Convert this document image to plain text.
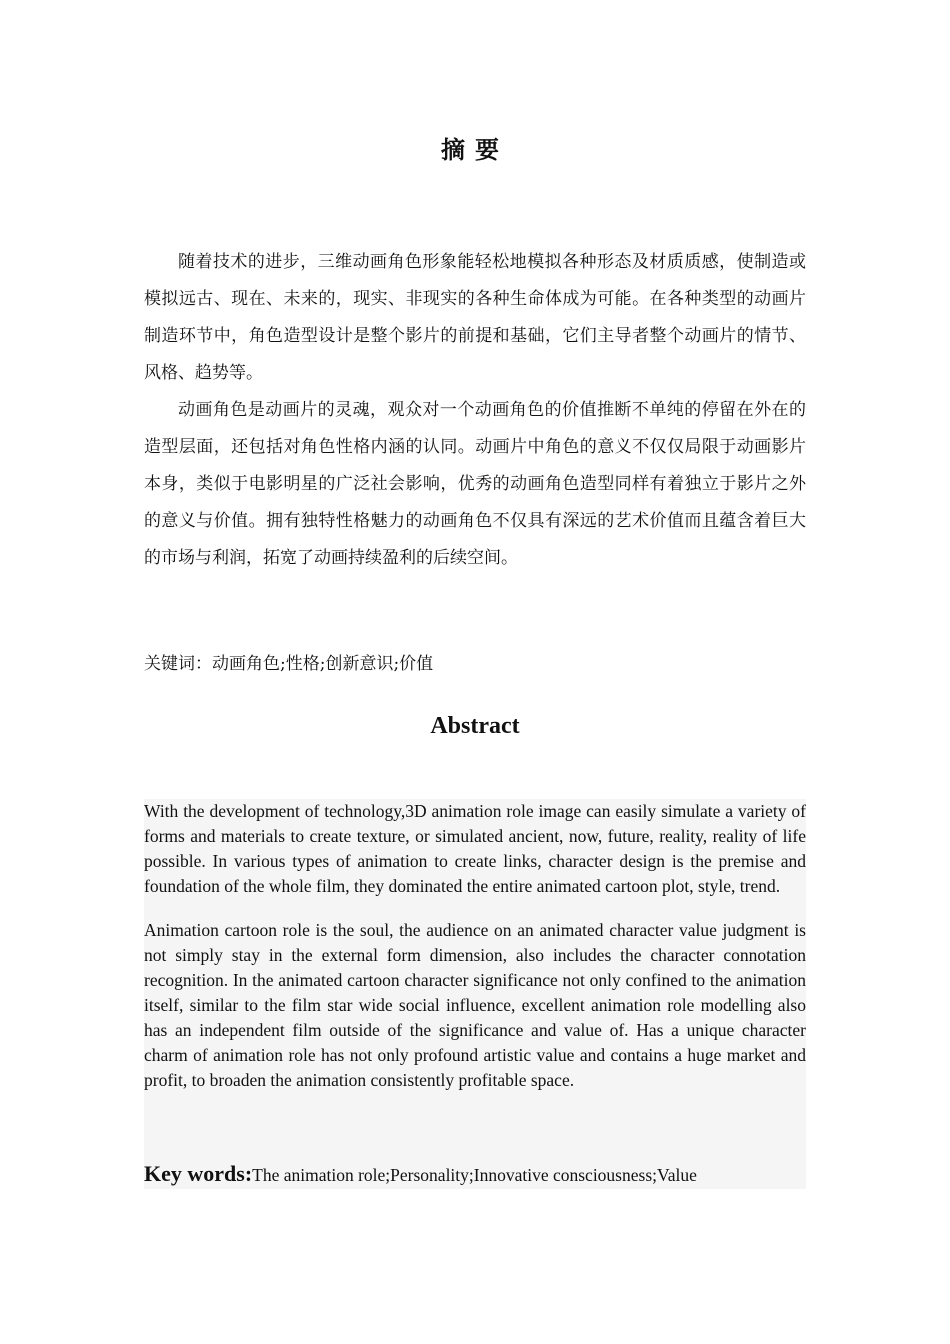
摘要

随着技术的进步，三维动画角色形象能轻松地模拟各种形态及材质质感，使制造或模拟远古、现在、未来的，现实、非现实的各种生命体成为可能。在各种类型的动画片制造环节中，角色造型设计是整个影片的前提和基础，它们主导者整个动画片的情节、风格、趋势等。

动画角色是动画片的灵魂，观众对一个动画角色的价值推断不单纯的停留在外在的造型层面，还包括对角色性格内涵的认同。动画片中角色的意义不仅仅局限于动画影片本身，类似于电影明星的广泛社会影响，优秀的动画角色造型同样有着独立于影片之外的意义与价值。拥有独特性格魅力的动画角色不仅具有深远的艺术价值而且蕴含着巨大的市场与利润，拓宽了动画持续盈利的后续空间。

关键词：动画角色;性格;创新意识;价值
Abstract

With the development of technology,3D animation role image can easily simulate a variety of forms and materials to create texture, or simulated ancient, now, future, reality, reality of life possible. In various types of animation to create links, character design is the premise and foundation of the whole film, they dominated the entire animated cartoon plot, style, trend.

Animation cartoon role is the soul, the audience on an animated character value judgment is not simply stay in the external form dimension, also includes the character connotation recognition. In the animated cartoon character significance not only confined to the animation itself, similar to the film star wide social influence, excellent animation role modelling also has an independent film outside of the significance and value of. Has a unique character charm of animation role has not only profound artistic value and contains a huge market and profit, to broaden the animation consistently profitable space.

Key words:The animation role;Personality;Innovative consciousness;Value
